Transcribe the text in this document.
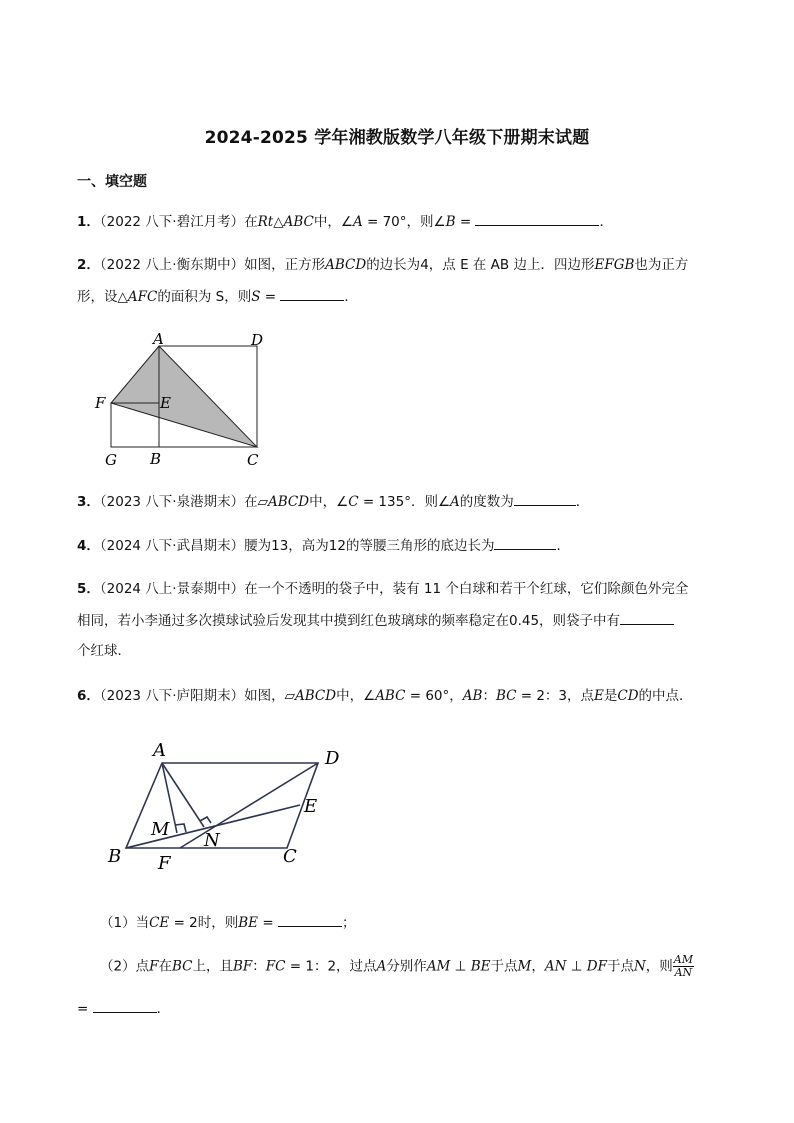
2024-2025 学年湘教版数学八年级下册期末试题
一、填空题
1．（2022 八下·碧江月考）在Rt△ABC中，∠A = 70°，则∠B =	．
2．（2022 八上·衡东期中）如图，正方形ABCD的边长为4，点 E 在 AB 边上．四边形EFGB也为正方
形，设△AFC的面积为 S，则S =	．
A	D
F	E
G B	C
3．（2023 八下·泉港期末）在▱ABCD中，∠C = 135°．则∠A的度数为	．
4．（2024 八下·武昌期末）腰为13，高为12的等腰三角形的底边长为	．
5．（2024 八上·景泰期中）在一个不透明的袋子中，装有 11 个白球和若干个红球，它们除颜色外完全
相同，若小李通过多次摸球试验后发现其中摸到红色玻璃球的频率稳定在0.45，则袋子中有
个红球．
6．（2023 八下·庐阳期末）如图，▱ABCD中，∠ABC = 60°，AB：BC = 2：3，点E是CD的中点．
A	D
E
M
N
B F	C
（1）当CE = 2时，则BE =	；
（2）点F在BC上，且BF：FC = 1：2，过点A分别作AM ⊥ BE于点M，AN ⊥ DF于点N，则 $\frac{AM}{AN}$
=	．
